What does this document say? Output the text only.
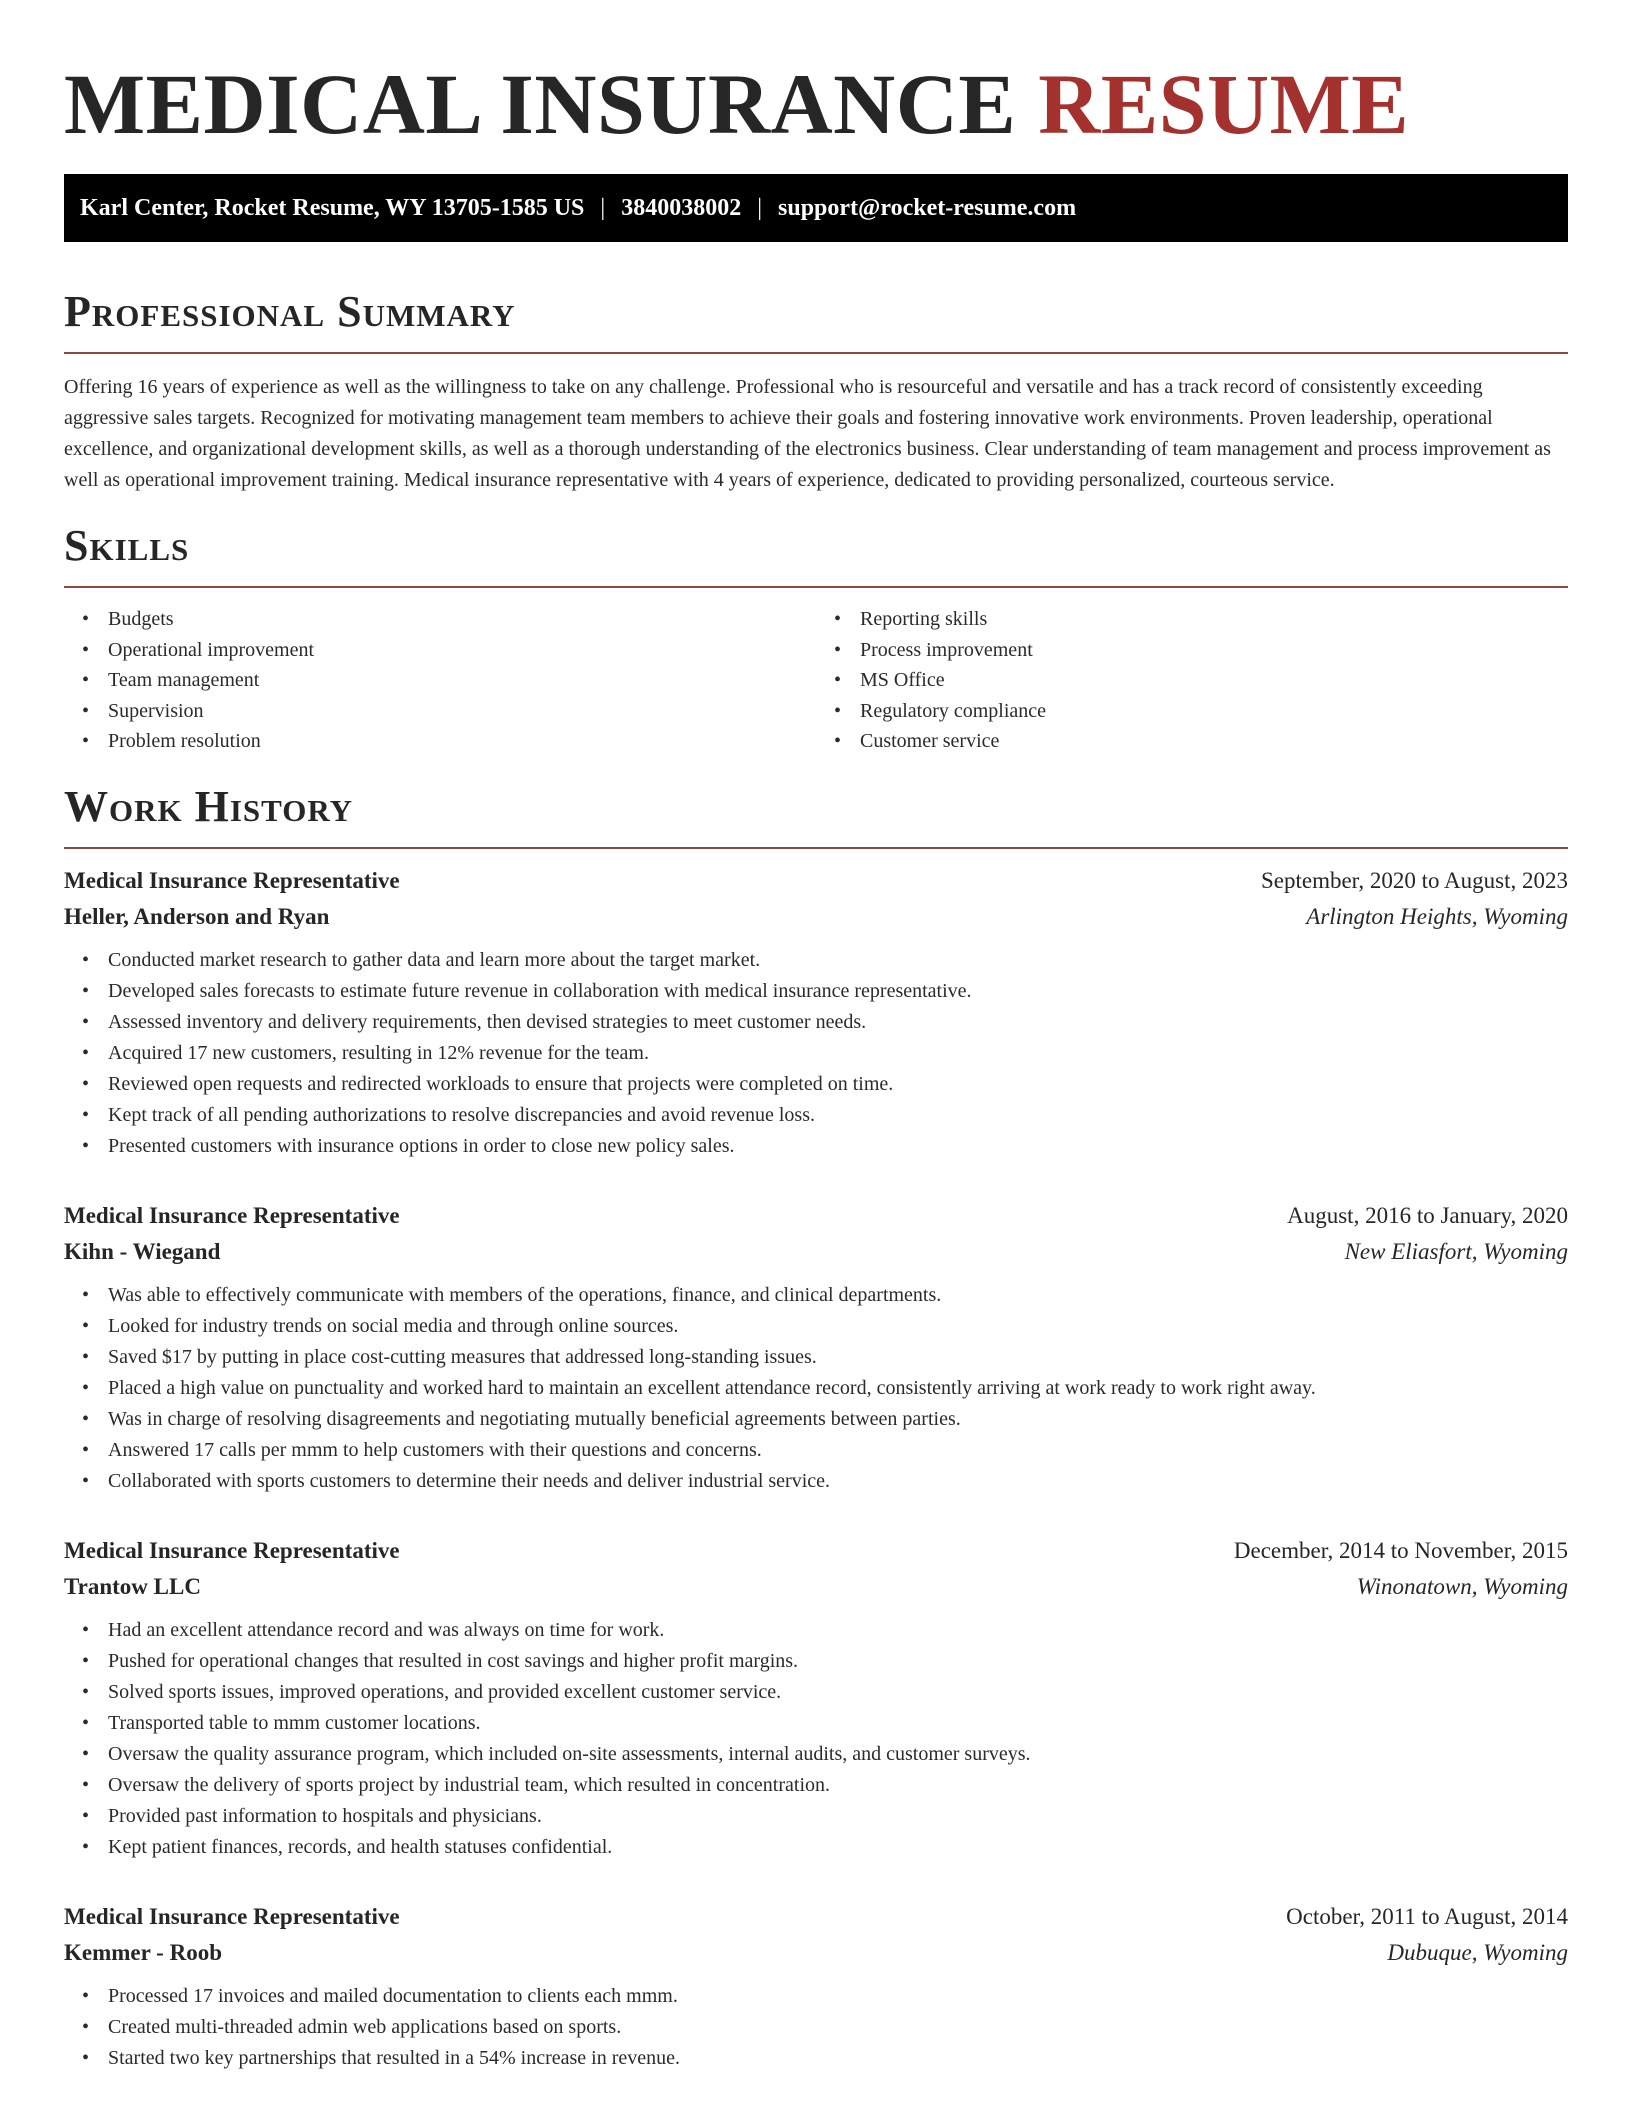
MEDICAL INSURANCE RESUME
Karl Center, Rocket Resume, WY 13705-1585 US | 3840038002 | support@rocket-resume.com
Professional Summary

Offering 16 years of experience as well as the willingness to take on any challenge. Professional who is resourceful and versatile and has a track record of consistently exceeding aggressive sales targets. Recognized for motivating management team members to achieve their goals and fostering innovative work environments. Proven leadership, operational excellence, and organizational development skills, as well as a thorough understanding of the electronics business. Clear understanding of team management and process improvement as well as operational improvement training. Medical insurance representative with 4 years of experience, dedicated to providing personalized, courteous service.

Skills
• Budgets
• Operational improvement
• Team management
• Supervision
• Problem resolution
• Reporting skills
• Process improvement
• MS Office
• Regulatory compliance
• Customer service
Work History
Medical Insurance Representative	September, 2020 to August, 2023
Heller, Anderson and Ryan	Arlington Heights, Wyoming
• Conducted market research to gather data and learn more about the target market.
• Developed sales forecasts to estimate future revenue in collaboration with medical insurance representative.
• Assessed inventory and delivery requirements, then devised strategies to meet customer needs.
• Acquired 17 new customers, resulting in 12% revenue for the team.
• Reviewed open requests and redirected workloads to ensure that projects were completed on time.
• Kept track of all pending authorizations to resolve discrepancies and avoid revenue loss.
• Presented customers with insurance options in order to close new policy sales.
Medical Insurance Representative	August, 2016 to January, 2020
Kihn - Wiegand	New Eliasfort, Wyoming
• Was able to effectively communicate with members of the operations, finance, and clinical departments.
• Looked for industry trends on social media and through online sources.
• Saved $17 by putting in place cost-cutting measures that addressed long-standing issues.
• Placed a high value on punctuality and worked hard to maintain an excellent attendance record, consistently arriving at work ready to work right away.
• Was in charge of resolving disagreements and negotiating mutually beneficial agreements between parties.
• Answered 17 calls per mmm to help customers with their questions and concerns.
• Collaborated with sports customers to determine their needs and deliver industrial service.
Medical Insurance Representative	December, 2014 to November, 2015
Trantow LLC	Winonatown, Wyoming
• Had an excellent attendance record and was always on time for work.
• Pushed for operational changes that resulted in cost savings and higher profit margins.
• Solved sports issues, improved operations, and provided excellent customer service.
• Transported table to mmm customer locations.
• Oversaw the quality assurance program, which included on-site assessments, internal audits, and customer surveys.
• Oversaw the delivery of sports project by industrial team, which resulted in concentration.
• Provided past information to hospitals and physicians.
• Kept patient finances, records, and health statuses confidential.
Medical Insurance Representative	October, 2011 to August, 2014
Kemmer - Roob	Dubuque, Wyoming
• Processed 17 invoices and mailed documentation to clients each mmm.
• Created multi-threaded admin web applications based on sports.
• Started two key partnerships that resulted in a 54% increase in revenue.
